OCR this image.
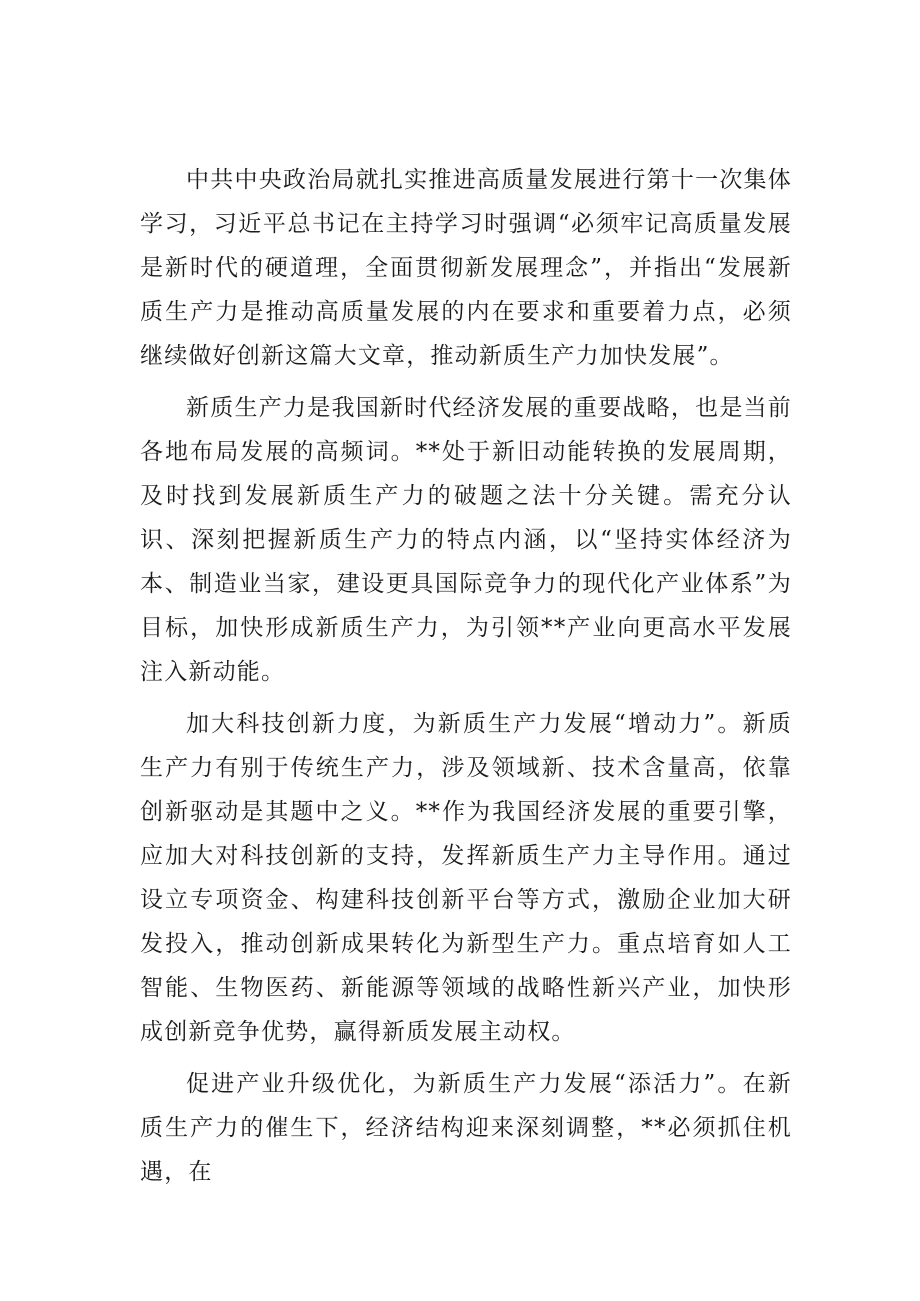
中共中央政治局就扎实推进高质量发展进行第十一次集体学习，习近平总书记在主持学习时强调“必须牢记高质量发展是新时代的硬道理，全面贯彻新发展理念”，并指出“发展新质生产力是推动高质量发展的内在要求和重要着力点，必须继续做好创新这篇大文章，推动新质生产力加快发展”。

新质生产力是我国新时代经济发展的重要战略，也是当前各地布局发展的高频词。**处于新旧动能转换的发展周期，及时找到发展新质生产力的破题之法十分关键。需充分认识、深刻把握新质生产力的特点内涵，以“坚持实体经济为本、制造业当家，建设更具国际竞争力的现代化产业体系”为目标，加快形成新质生产力，为引领**产业向更高水平发展注入新动能。

加大科技创新力度，为新质生产力发展“增动力”。新质生产力有别于传统生产力，涉及领域新、技术含量高，依靠创新驱动是其题中之义。**作为我国经济发展的重要引擎，应加大对科技创新的支持，发挥新质生产力主导作用。通过设立专项资金、构建科技创新平台等方式，激励企业加大研发投入，推动创新成果转化为新型生产力。重点培育如人工智能、生物医药、新能源等领域的战略性新兴产业，加快形成创新竞争优势，赢得新质发展主动权。

促进产业升级优化，为新质生产力发展“添活力”。在新质生产力的催生下，经济结构迎来深刻调整，**必须抓住机遇，在
